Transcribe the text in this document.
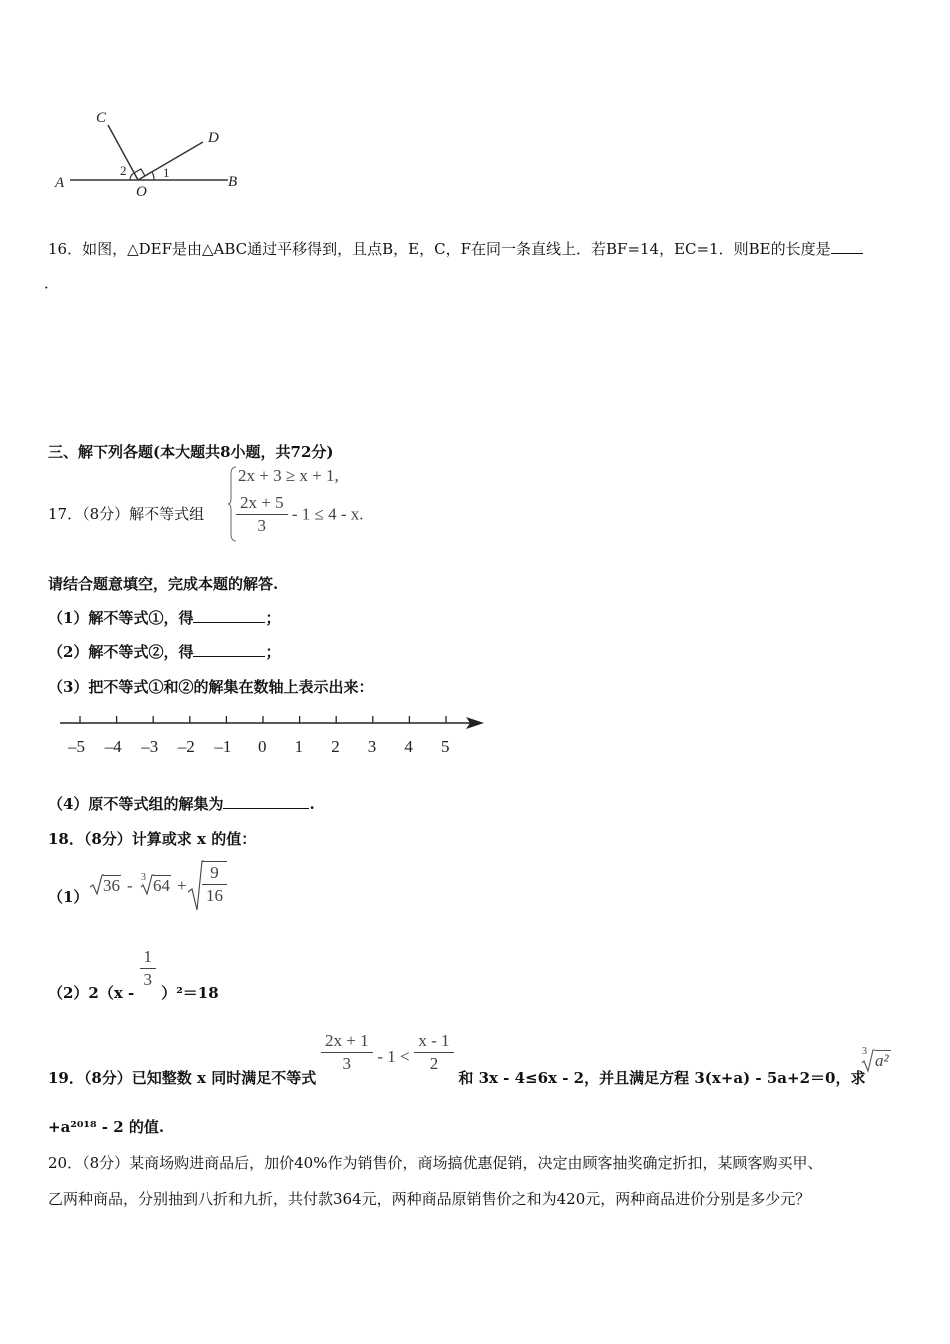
C
D
A	B
O
1
2
16．如图，△DEF是由△ABC通过平移得到，且点B，E，C，F在同一条直线上．若BF=14，EC=1．则BE的长度是
．
三、解下列各题(本大题共8小题，共72分)
17．（8分）解不等式组
2x + 3 ≥ x + 1,
$\frac{2x + 5}{3} - 1 \le 4 - x$.
请结合题意填空，完成本题的解答.
（1）解不等式①，得	；
（2）解不等式②，得	；
（3）把不等式①和②的解集在数轴上表示出来：
–5 –4 –3 –2 –1 0 1 2 3 4 5
（4）原不等式组的解集为	.
18．（8分）计算或求 x 的值：
（1）
36 - 3 $64 + \frac{9}{16}$
（2）2（x -
$\frac{1}{3}$
）²＝18
19．（8分）已知整数 x 同时满足不等式
$\frac{2x + 1}{3} - 1 < \frac{x - 1}{2}$
和 3x - 4≤6x - 2，并且满足方程 3(x+a) - 5a+2＝0，求
3 a²
+a²⁰¹⁸ - 2 的值.
20．（8分）某商场购进商品后，加价40%作为销售价，商场搞优惠促销，决定由顾客抽奖确定折扣，某顾客购买甲、
乙两种商品，分别抽到八折和九折，共付款364元，两种商品原销售价之和为420元，两种商品进价分别是多少元？
